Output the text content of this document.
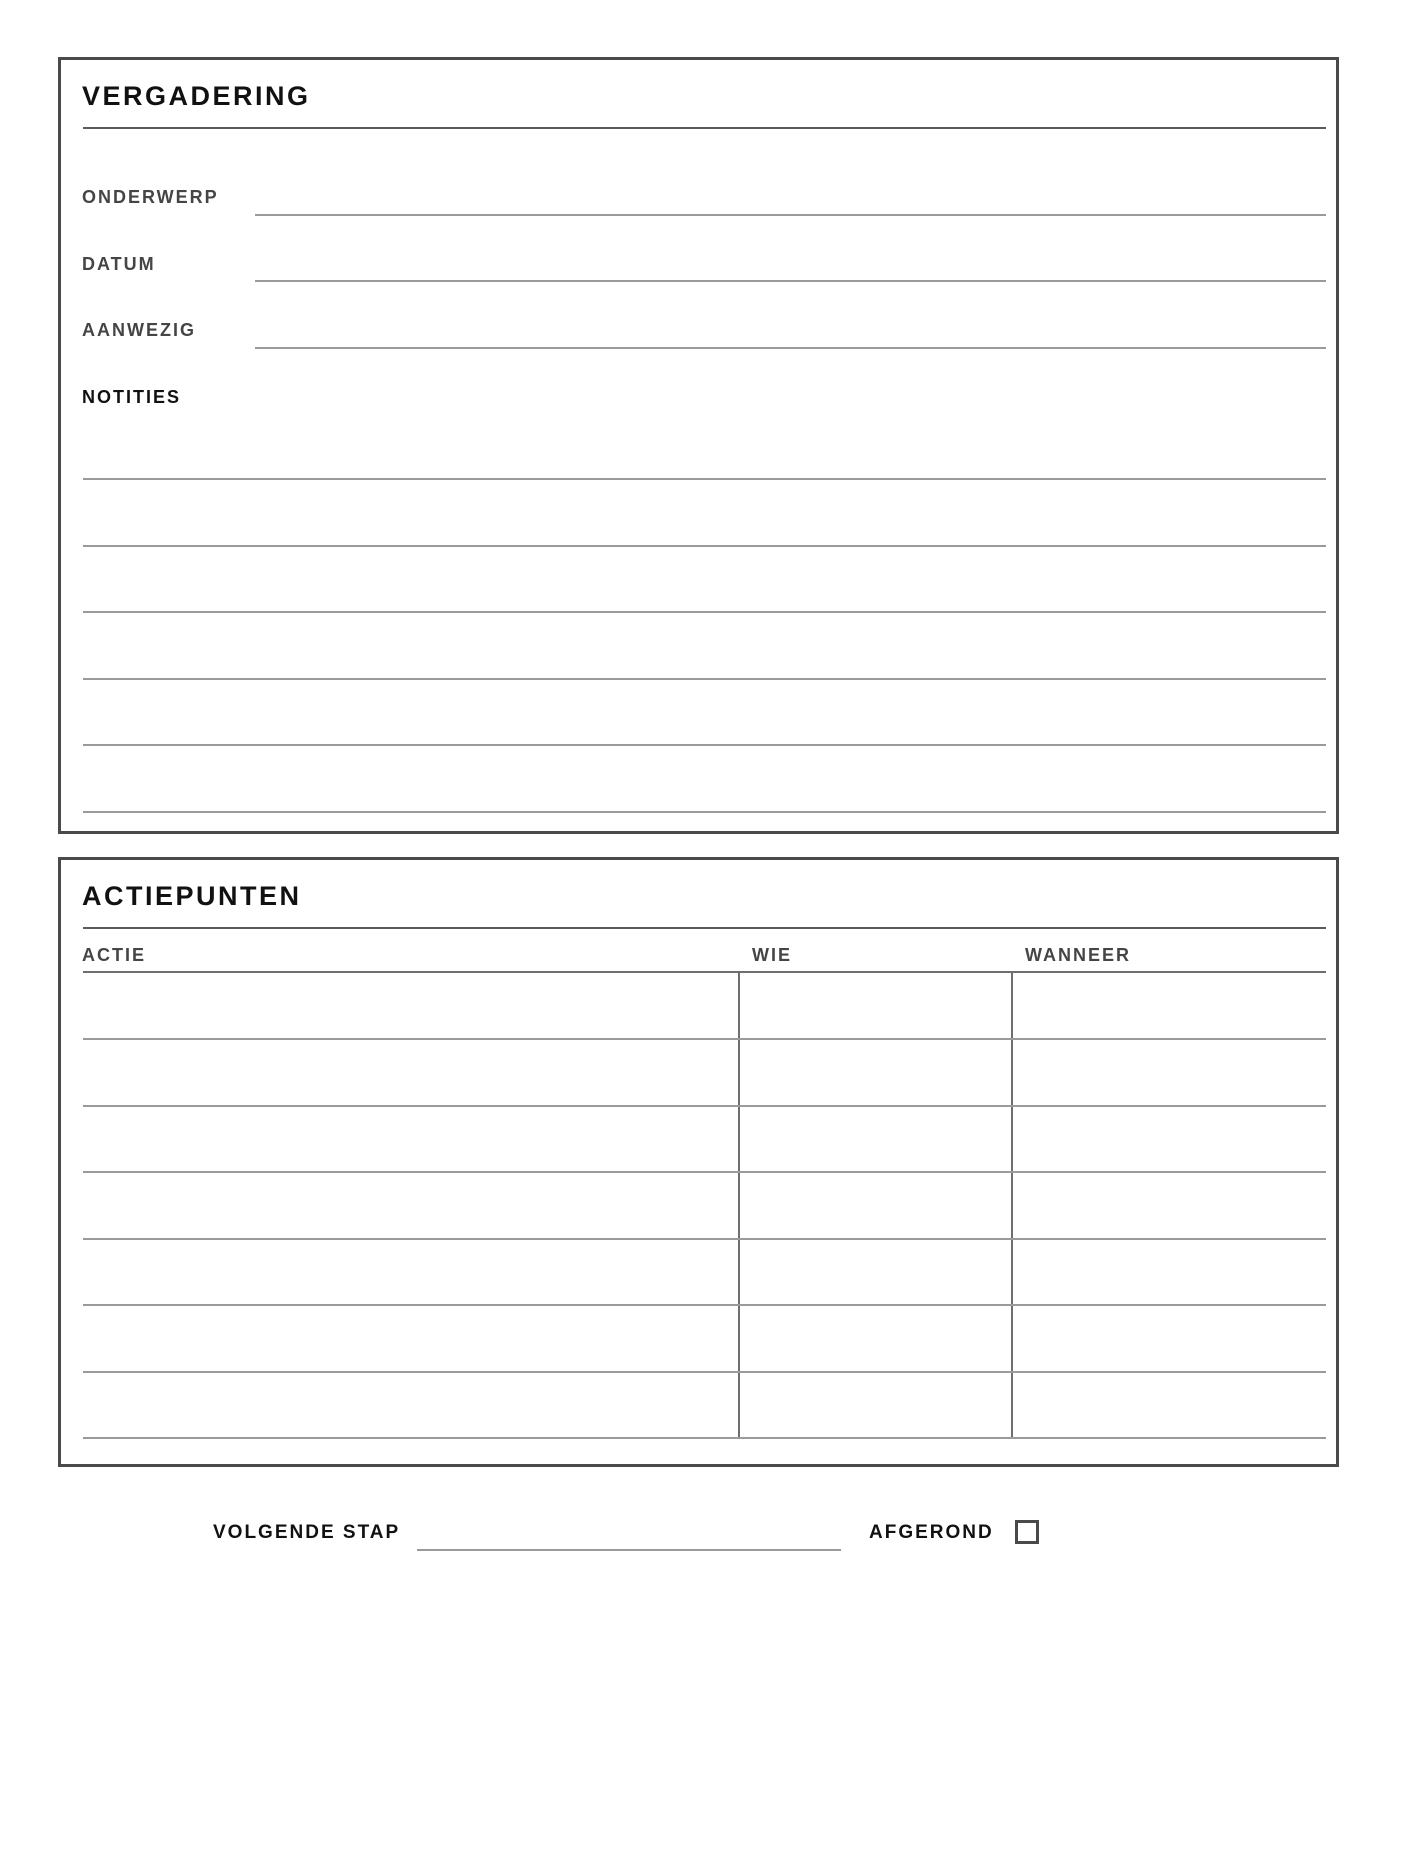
VERGADERING
ONDERWERP
DATUM
AANWEZIG
NOTITIES
ACTIEPUNTEN
ACTIE	WIE	WANNEER
VOLGENDE STAP	AFGEROND
